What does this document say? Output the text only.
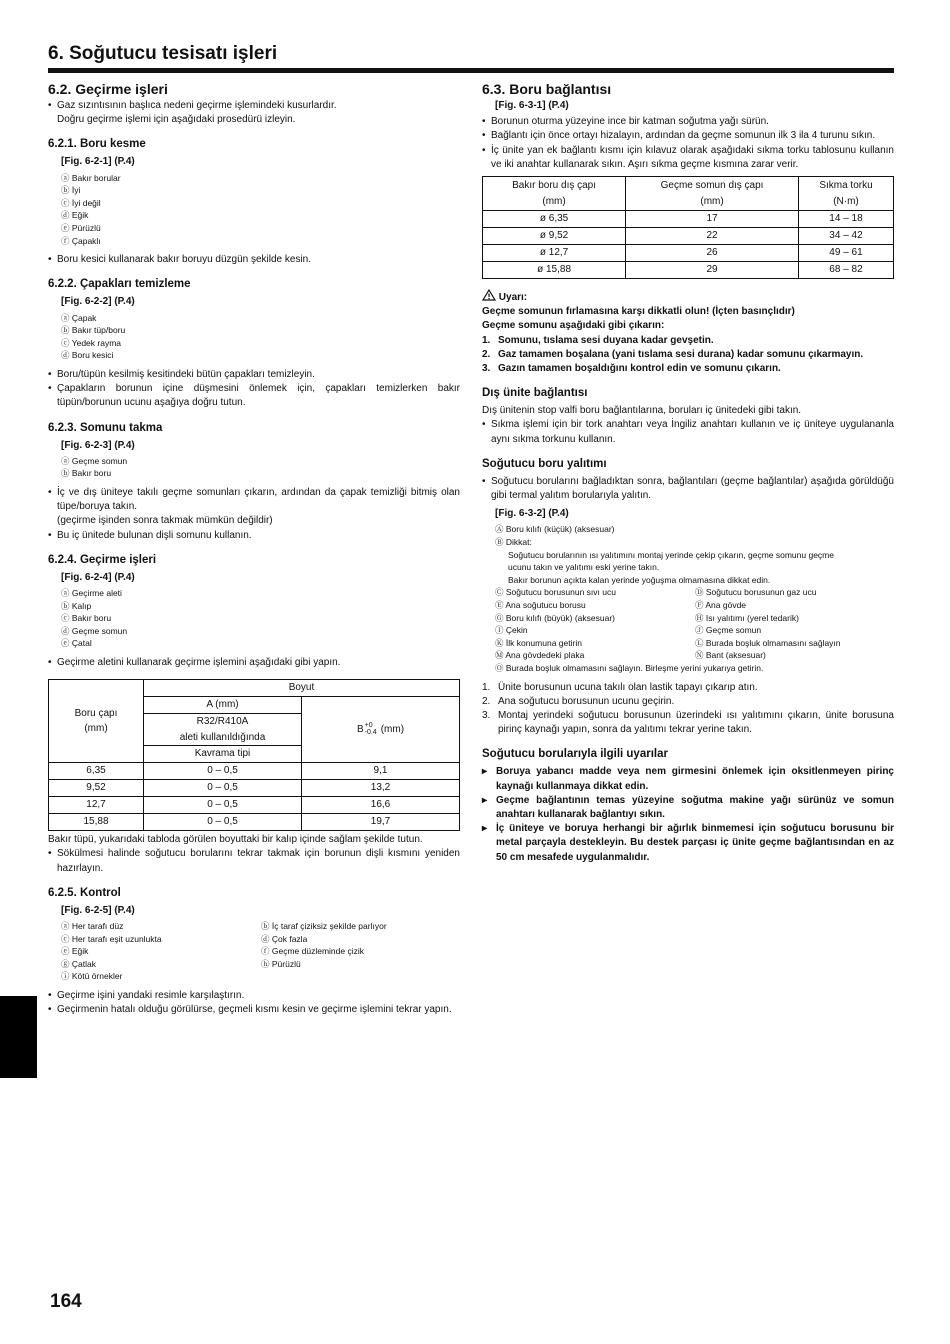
6. Soğutucu tesisatı işleri
6.2. Geçirme işleri
• Gaz sızıntısının başlıca nedeni geçirme işlemindeki kusurlardır.
Doğru geçirme işlemi için aşağıdaki prosedürü izleyin.
6.2.1. Boru kesme
[Fig. 6-2-1] (P.4)
ⓐ Bakır borular
ⓑ İyi
ⓒ İyi değil
ⓓ Eğik
ⓔ Pürüzlü
ⓕ Çapaklı
• Boru kesici kullanarak bakır boruyu düzgün şekilde kesin.
6.2.2. Çapakları temizleme
[Fig. 6-2-2] (P.4)
ⓐ Çapak
ⓑ Bakır tüp/boru
ⓒ Yedek rayma
ⓓ Boru kesici
• Boru/tüpün kesilmiş kesitindeki bütün çapakları temizleyin.
• Çapakların borunun içine düşmesini önlemek için, çapakları temizlerken bakır tüpün/borunun ucunu aşağıya doğru tutun.
6.2.3. Somunu takma
[Fig. 6-2-3] (P.4)
ⓐ Geçme somun
ⓑ Bakır boru
• İç ve dış üniteye takılı geçme somunları çıkarın, ardından da çapak temizliği bitmiş olan tüpe/boruya takın.
(geçirme işinden sonra takmak mümkün değildir)
• Bu iç ünitede bulunan dişli somunu kullanın.
6.2.4. Geçirme işleri
[Fig. 6-2-4] (P.4)
ⓐ Geçirme aleti
ⓑ Kalıp
ⓒ Bakır boru
ⓓ Geçme somun
ⓔ Çatal
• Geçirme aletini kullanarak geçirme işlemini aşağıdaki gibi yapın.
Boru çapı
(mm)	Boyut	
	A (mm)	B+0
-0.4 (mm)
	R32/R410A
aleti kullanıldığında	
	Kavrama tipi	
6,35	0 – 0,5	9,1
9,52	0 – 0,5	13,2
12,7	0 – 0,5	16,6
15,88	0 – 0,5	19,7
Bakır tüpü, yukarıdaki tabloda görülen boyuttaki bir kalıp içinde sağlam şekilde tutun.
• Sökülmesi halinde soğutucu borularını tekrar takmak için borunun dişli kısmını yeniden hazırlayın.
6.2.5. Kontrol
[Fig. 6-2-5] (P.4)
ⓐ Her tarafı düz	ⓑ İç taraf çiziksiz şekilde parlıyor
ⓒ Her tarafı eşit uzunlukta	ⓓ Çok fazla
ⓔ Eğik	ⓕ Geçme düzleminde çizik
ⓖ Çatlak	ⓗ Pürüzlü
ⓘ Kötü örnekler
• Geçirme işini yandaki resimle karşılaştırın.
• Geçirmenin hatalı olduğu görülürse, geçmeli kısmı kesin ve geçirme işlemini tekrar yapın.
6.3. Boru bağlantısı
[Fig. 6-3-1] (P.4)
• Borunun oturma yüzeyine ince bir katman soğutma yağı sürün.
• Bağlantı için önce ortayı hizalayın, ardından da geçme somunun ilk 3 ila 4 turunu sıkın.
• İç ünite yan ek bağlantı kısmı için kılavuz olarak aşağıdaki sıkma torku tablosunu kullanın ve iki anahtar kullanarak sıkın. Aşırı sıkma geçme kısmına zarar verir.
Bakır boru dış çapı	Geçme somun dış çapı	Sıkma torku
(mm)	(mm)	(N·m)
ø 6,35	17	14 – 18
ø 9,52	22	34 – 42
ø 12,7	26	49 – 61
ø 15,88	29	68 – 82
Uyarı:
Geçme somunun fırlamasına karşı dikkatli olun! (İçten basınçlıdır)
Geçme somunu aşağıdaki gibi çıkarın:
1. Somunu, tıslama sesi duyana kadar gevşetin.
2. Gaz tamamen boşalana (yani tıslama sesi durana) kadar somunu çıkarmayın.
3. Gazın tamamen boşaldığını kontrol edin ve somunu çıkarın.
Dış ünite bağlantısı
Dış ünitenin stop valfi boru bağlantılarına, boruları iç ünitedeki gibi takın.
• Sıkma işlemi için bir tork anahtarı veya İngiliz anahtarı kullanın ve iç üniteye uygulananla aynı sıkma torkunu kullanın.
Soğutucu boru yalıtımı
• Soğutucu borularını bağladıktan sonra, bağlantıları (geçme bağlantılar) aşağıda görüldüğü gibi termal yalıtım borularıyla yalıtın.
[Fig. 6-3-2] (P.4)
Ⓐ Boru kılıfı (küçük) (aksesuar)
Ⓑ Dikkat:
Soğutucu borularının ısı yalıtımını montaj yerinde çekip çıkarın, geçme somunu geçme
ucunu takın ve yalıtımı eski yerine takın.
Bakır borunun açıkta kalan yerinde yoğuşma olmamasına dikkat edin.
Ⓒ Soğutucu borusunun sıvı ucu	Ⓓ Soğutucu borusunun gaz ucu
Ⓔ Ana soğutucu borusu	Ⓕ Ana gövde
Ⓖ Boru kılıfı (büyük) (aksesuar)	Ⓗ Isı yalıtımı (yerel tedarik)
Ⓘ Çekin	Ⓙ Geçme somun
Ⓚ İlk konumuna getirin	Ⓛ Burada boşluk olmamasını sağlayın
Ⓜ Ana gövdedeki plaka	Ⓝ Bant (aksesuar)
Ⓞ Burada boşluk olmamasını sağlayın. Birleşme yerini yukarıya getirin.
1. Ünite borusunun ucuna takılı olan lastik tapayı çıkarıp atın.
2. Ana soğutucu borusunun ucunu geçirin.
3. Montaj yerindeki soğutucu borusunun üzerindeki ısı yalıtımını çıkarın, ünite borusuna pirinç kaynağı yapın, sonra da yalıtımı tekrar yerine takın.
Soğutucu borularıyla ilgili uyarılar
▸ Boruya yabancı madde veya nem girmesini önlemek için oksitlenmeyen pirinç kaynağı kullanmaya dikkat edin.
▸ Geçme bağlantının temas yüzeyine soğutma makine yağı sürünüz ve somun anahtarı kullanarak bağlantıyı sıkın.
▸ İç üniteye ve boruya herhangi bir ağırlık binmemesi için soğutucu borusunu bir metal parçayla destekleyin. Bu destek parçası iç ünite geçme bağlantısından en az 50 cm mesafede uygulanmalıdır.
164
